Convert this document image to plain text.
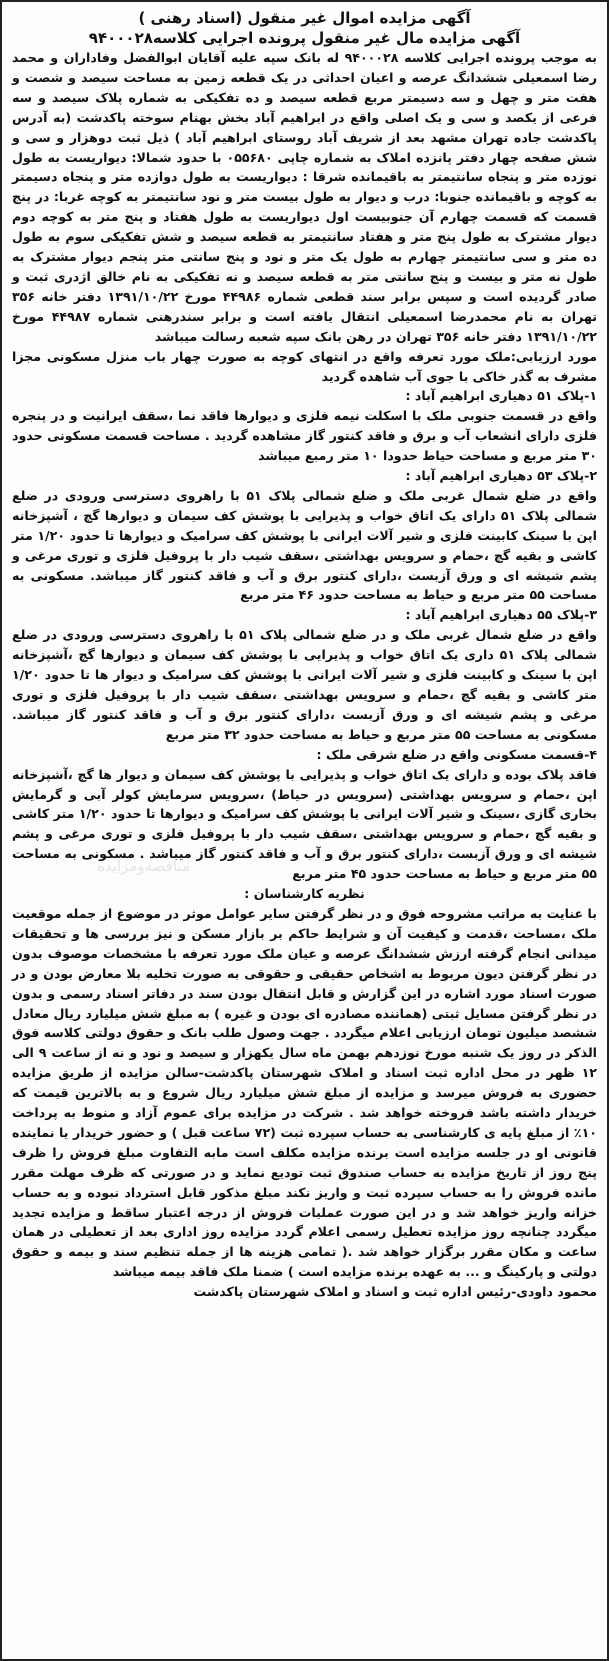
مناقصه‌ومزایده
آگهی مزایده اموال غیر منقول (اسناد رهنی )
آگهی مزایده مال غیر منقول پرونده اجرایی کلاسه۹۴۰۰۰۲۸

به موجب پرونده اجرایی کلاسه ۹۴۰۰۰۲۸ له بانک سپه علیه آقایان ابوالفضل وفاداران و محمد رضا اسمعیلی ششدانگ عرصه و اعیان احداثی در یک قطعه زمین به مساحت سیصد و شصت و هفت متر و چهل و سه دسیمتر مربع قطعه سیصد و ده تفکیکی به شماره پلاک سیصد و سه فرعی از یکصد و سی و یک اصلی واقع در ابراهیم آباد بخش بهنام سوخته پاکدشت (به آدرس پاکدشت جاده تهران مشهد بعد از شریف آباد روستای ابراهیم آباد ) ذیل ثبت دوهزار و سی و شش صفحه چهار دفتر پانزده املاک به شماره چاپی ۰۵۵۶۸۰ با حدود شمالا: دیواریست به طول نوزده متر و پنجاه سانتیمتر به باقیمانده شرقا : دیواریست به طول دوازده متر و پنجاه دسیمتر به کوچه و باقیمانده جنوبا: درب و دیوار به طول بیست متر و نود سانتیمتر به کوچه غربا: در پنج قسمت که قسمت چهارم آن جنوبیست اول دیواریست به طول هفتاد و پنج متر به کوچه دوم دیوار مشترک به طول پنج متر و هفتاد سانتیمتر به قطعه سیصد و شش تفکیکی سوم به طول ده متر و سی سانتیمتر چهارم به طول یک متر و نود و پنج سانتی متر پنجم دیوار مشترک به طول نه متر و بیست و پنج سانتی متر به قطعه سیصد و نه تفکیکی به نام خالق اژدری ثبت و صادر گردیده است و سپس برابر سند قطعی شماره ۴۴۹۸۶ مورخ ۱۳۹۱/۱۰/۲۲ دفتر خانه ۳۵۶ تهران به نام محمدرضا اسمعیلی انتقال یافته است و برابر سندرهنی شماره ۴۴۹۸۷ مورخ ۱۳۹۱/۱۰/۲۲ دفتر خانه ۳۵۶ تهران در رهن بانک سپه شعبه رسالت میباشد

مورد ارزیابی:ملک مورد تعرفه واقع در انتهای کوچه به صورت چهار باب منزل مسکونی مجزا مشرف به گذر خاکی با جوی آب شاهده گردید

۱-پلاک ۵۱ دهیاری ابراهیم آباد :

واقع در قسمت جنوبی ملک با اسکلت نیمه فلزی و دیوارها فاقد نما ،سقف ایرانیت و در پنجره فلزی دارای انشعاب آب و برق و فاقد کنتور گاز مشاهده گردید . مساحت قسمت مسکونی حدود ۳۰ متر مربع و مساحت حیاط حدودا ۱۰ متر رمبع میباشد

۲-پلاک ۵۳ دهیاری ابراهیم آباد :

واقع در ضلع شمال غربی ملک و ضلع شمالی پلاک ۵۱ با راهروی دسترسی ورودی در ضلع شمالی پلاک ۵۱ دارای یک اتاق خواب و پذیرایی با پوشش کف سیمان و دیوارها گچ ، آشپزخانه اپن با سینک کابینت فلزی و شیر آلات ایرانی با پوشش کف سرامیک و دیوارها تا حدود ۱/۲۰ متر کاشی و بقیه گچ ،حمام و سرویس بهداشتی ،سقف شیب دار با پروفیل فلزی و توری مرغی و پشم شیشه ای و ورق آزبست ،دارای کنتور برق و آب و فاقد کنتور گاز میباشد. مسکونی به مساحت ۵۵ متر مربع و حیاط به مساحت حدود ۴۶ متر مربع

۳-پلاک ۵۵ دهیاری ابراهیم آباد :

واقع در ضلع شمال غربی ملک و در ضلع شمالی پلاک ۵۱ با راهروی دسترسی ورودی در ضلع شمالی پلاک ۵۱ داری یک اتاق خواب و پذیرایی با پوشش کف سیمان و دیوارها گچ ،آشپزخانه اپن با سینک و کابینت فلزی و شیر آلات ایرانی با پوشش کف سرامیک و دیوار ها تا حدود ۱/۲۰ متر کاشی و بقیه گچ ،حمام و سرویس بهداشتی ،سقف شیب دار با پروفیل فلزی و توری مرغی و پشم شیشه ای و ورق آزبست ،دارای کنتور برق و آب و فاقد کنتور گاز میباشد. مسکونی به مساحت ۵۵ متر مربع و حیاط به مساحت حدود ۳۲ متر مربع

۴-قسمت مسکونی واقع در ضلع شرقی ملک :

فاقد پلاک بوده و دارای یک اتاق خواب و پذیرایی با پوشش کف سیمان و دیوار ها گچ ،آشپزخانه اپن ،حمام و سرویس بهداشتی (سرویس در حیاط) ،سرویس سرمایش کولر آبی و گرمایش بخاری گازی ،سینک و شیر آلات ایرانی با پوشش کف سرامیک و دیوارها تا حدود ۱/۲۰ متر کاشی و بقیه گچ ،حمام و سرویس بهداشتی ،سقف شیب دار با پروفیل فلزی و توری مرغی و پشم شیشه ای و ورق آزبست ،دارای کنتور برق و آب و فاقد کنتور گاز میباشد . مسکونی به مساحت ۵۵ متر مربع و حیاط به مساحت حدود ۴۵ متر مربع

نظریه کارشناسان :

با عنایت به مراتب مشروحه فوق و در نظر گرفتن سایر عوامل موثر در موضوع از جمله موقعیت ملک ،مساحت ،قدمت و کیفیت آن و شرایط حاکم بر بازار مسکن و نیز بررسی ها و تحقیقات میدانی انجام گرفته ارزش ششدانگ عرصه و عیان ملک مورد تعرفه با مشخصات موصوف بدون در نظر گرفتن دیون مربوط به اشخاص حقیقی و حقوقی به صورت تخلیه بلا معارض بودن و در صورت اسناد مورد اشاره در این گزارش و قابل انتقال بودن سند در دفاتر اسناد رسمی و بدون در نظر گرفتن مسایل ثبتی (هماننده مصادره ای بودن و غیره ) به مبلغ شش میلیارد ریال معادل ششصد میلیون تومان ارزیابی اعلام میگردد . جهت وصول طلب بانک و حقوق دولتی کلاسه فوق الذکر در روز یک شنبه مورخ نوزدهم بهمن ماه سال یکهزار و سیصد و نود و نه از ساعت ۹ الی ۱۲ ظهر در محل اداره ثبت اسناد و املاک شهرستان پاکدشت-سالن مزایده از طریق مزایده حضوری به فروش میرسد و مزایده از مبلغ شش میلیارد ریال شروع و به بالاترین قیمت که خریدار داشته باشد فروخته خواهد شد . شرکت در مزایده برای عموم آزاد و منوط به پرداخت ۱۰٪ از مبلغ پایه ی کارشناسی به حساب سپرده ثبت (۷۲ ساعت قبل ) و حضور خریدار یا نماینده قانونی او در جلسه مزایده است برنده مزایده مکلف است مابه التفاوت مبلغ فروش را ظرف پنج روز از تاریخ مزایده به حساب صندوق ثبت تودیع نماید و در صورتی که ظرف مهلت مقرر مانده فروش را به حساب سپرده ثبت و واریز نکند مبلغ مذکور قابل استرداد نبوده و به حساب خزانه واریز خواهد شد و در این صورت عملیات فروش از درجه اعتبار ساقط و مزایده تجدید میگردد چنانچه روز مزایده تعطیل رسمی اعلام گردد مزایده روز اداری بعد از تعطیلی در همان ساعت و مکان مقرر برگزار خواهد شد .( تمامی هزینه ها از جمله تنظیم سند و بیمه و حقوق دولتی و پارکینگ و ... به عهده برنده مزایده است ) ضمنا ملک فاقد بیمه میباشد

محمود داودی-رئیس اداره ثبت و اسناد و املاک شهرستان پاکدشت
